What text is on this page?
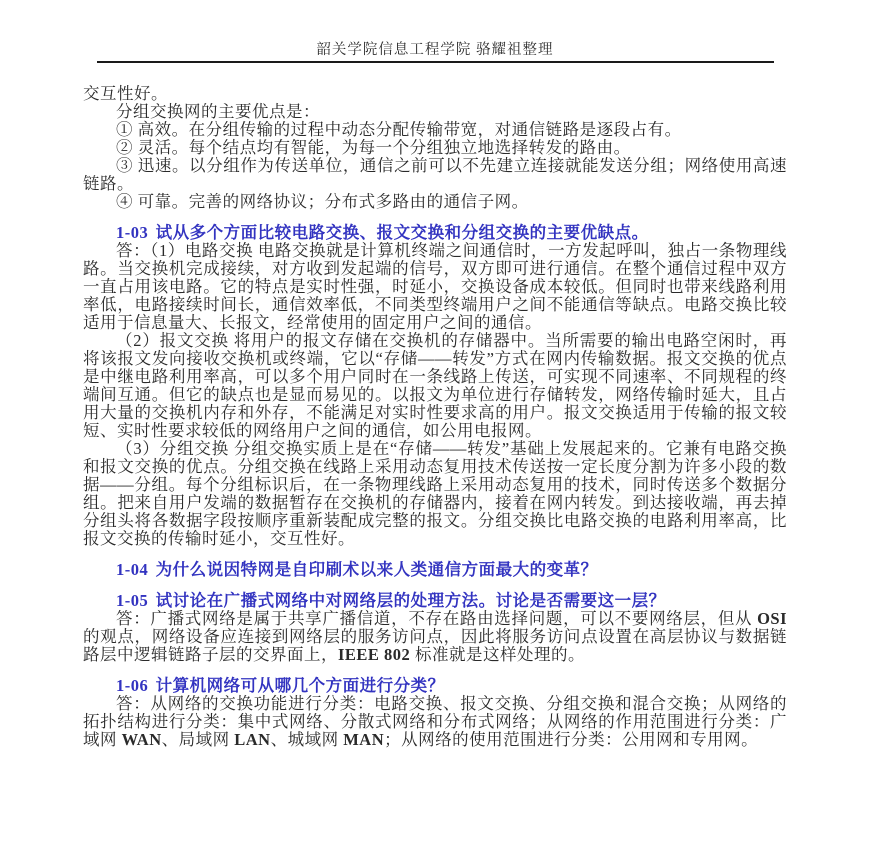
韶关学院信息工程学院 骆耀祖整理
交互性好。
分组交换网的主要优点是：
① 高效。在分组传输的过程中动态分配传输带宽，对通信链路是逐段占有。
② 灵活。每个结点均有智能，为每一个分组独立地选择转发的路由。
③ 迅速。以分组作为传送单位，通信之前可以不先建立连接就能发送分组；网络使用高速链路。
④ 可靠。完善的网络协议；分布式多路由的通信子网。
1-03 试从多个方面比较电路交换、报文交换和分组交换的主要优缺点。

答：（1）电路交换 电路交换就是计算机终端之间通信时，一方发起呼叫，独占一条物理线路。当交换机完成接续，对方收到发起端的信号，双方即可进行通信。在整个通信过程中双方一直占用该电路。它的特点是实时性强，时延小，交换设备成本较低。但同时也带来线路利用率低，电路接续时间长，通信效率低，不同类型终端用户之间不能通信等缺点。电路交换比较适用于信息量大、长报文，经常使用的固定用户之间的通信。

（2）报文交换 将用户的报文存储在交换机的存储器中。当所需要的输出电路空闲时，再将该报文发向接收交换机或终端，它以“存储——转发”方式在网内传输数据。报文交换的优点是中继电路利用率高，可以多个用户同时在一条线路上传送，可实现不同速率、不同规程的终端间互通。但它的缺点也是显而易见的。以报文为单位进行存储转发，网络传输时延大，且占用大量的交换机内存和外存，不能满足对实时性要求高的用户。报文交换适用于传输的报文较短、实时性要求较低的网络用户之间的通信，如公用电报网。

（3）分组交换 分组交换实质上是在“存储——转发”基础上发展起来的。它兼有电路交换和报文交换的优点。分组交换在线路上采用动态复用技术传送按一定长度分割为许多小段的数据——分组。每个分组标识后，在一条物理线路上采用动态复用的技术，同时传送多个数据分组。把来自用户发端的数据暂存在交换机的存储器内，接着在网内转发。到达接收端，再去掉分组头将各数据字段按顺序重新装配成完整的报文。分组交换比电路交换的电路利用率高，比报文交换的传输时延小，交互性好。

1-04 为什么说因特网是自印刷术以来人类通信方面最大的变革？
1-05 试讨论在广播式网络中对网络层的处理方法。讨论是否需要这一层？

答：广播式网络是属于共享广播信道，不存在路由选择问题，可以不要网络层，但从 OSI 的观点，网络设备应连接到网络层的服务访问点，因此将服务访问点设置在高层协议与数据链路层中逻辑链路子层的交界面上，IEEE 802 标准就是这样处理的。

1-06 计算机网络可从哪几个方面进行分类？

答：从网络的交换功能进行分类：电路交换、报文交换、分组交换和混合交换；从网络的拓扑结构进行分类：集中式网络、分散式网络和分布式网络；从网络的作用范围进行分类：广域网 WAN、局域网 LAN、城域网 MAN；从网络的使用范围进行分类：公用网和专用网。
